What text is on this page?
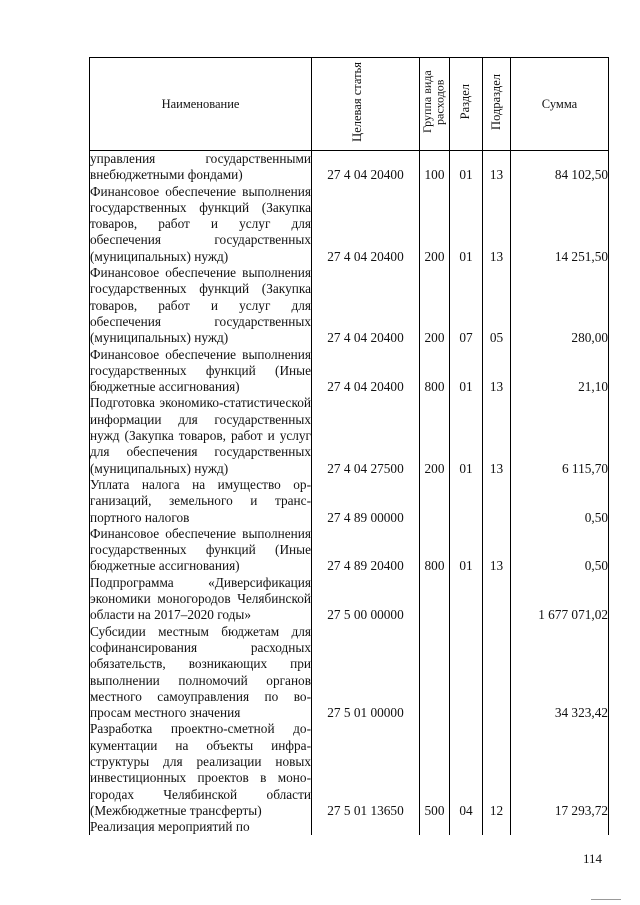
Наименование	Целевая статья	Группа вида расходов	Раздел	Подраздел	Сумма
управления государственными внебюджетными фондами)	27 4 04 20400	100	01	13	84 102,50
Финансовое обеспечение выполнения государственных функций (Закупка товаров, работ и услуг для обеспечения государственных (муниципальных) нужд)	27 4 04 20400	200	01	13	14 251,50
Финансовое обеспечение выполнения государственных функций (Закупка товаров, работ и услуг для обеспечения государственных (муниципальных) нужд)	27 4 04 20400	200	07	05	280,00
Финансовое обеспечение выполнения государственных функций (Иные бюджетные ассигнования)	27 4 04 20400	800	01	13	21,10
Подготовка экономико-статистической информации для государственных нужд (Закупка товаров, работ и услуг для обеспечения государственных (муниципальных) нужд)	27 4 04 27500	200	01	13	6 115,70
Уплата налога на имущество организаций, земельного и транспортного налогов	27 4 89 00000				0,50
Финансовое обеспечение выполнения государственных функций (Иные бюджетные ассигнования)	27 4 89 20400	800	01	13	0,50
Подпрограмма «Диверсификация экономики моногородов Челябинской области на 2017–2020 годы»	27 5 00 00000				1 677 071,02
Субсидии местным бюджетам для софинансирования расходных обязательств, возникающих при выполнении полномочий органов местного самоуправления по вопросам местного значения	27 5 01 00000				34 323,42
Разработка проектно-сметной документации на объекты инфраструктуры для реализации новых инвестиционных проектов в моногородах Челябинской области (Межбюджетные трансферты)	27 5 01 13650	500	04	12	17 293,72
Реализация мероприятий по					
114
